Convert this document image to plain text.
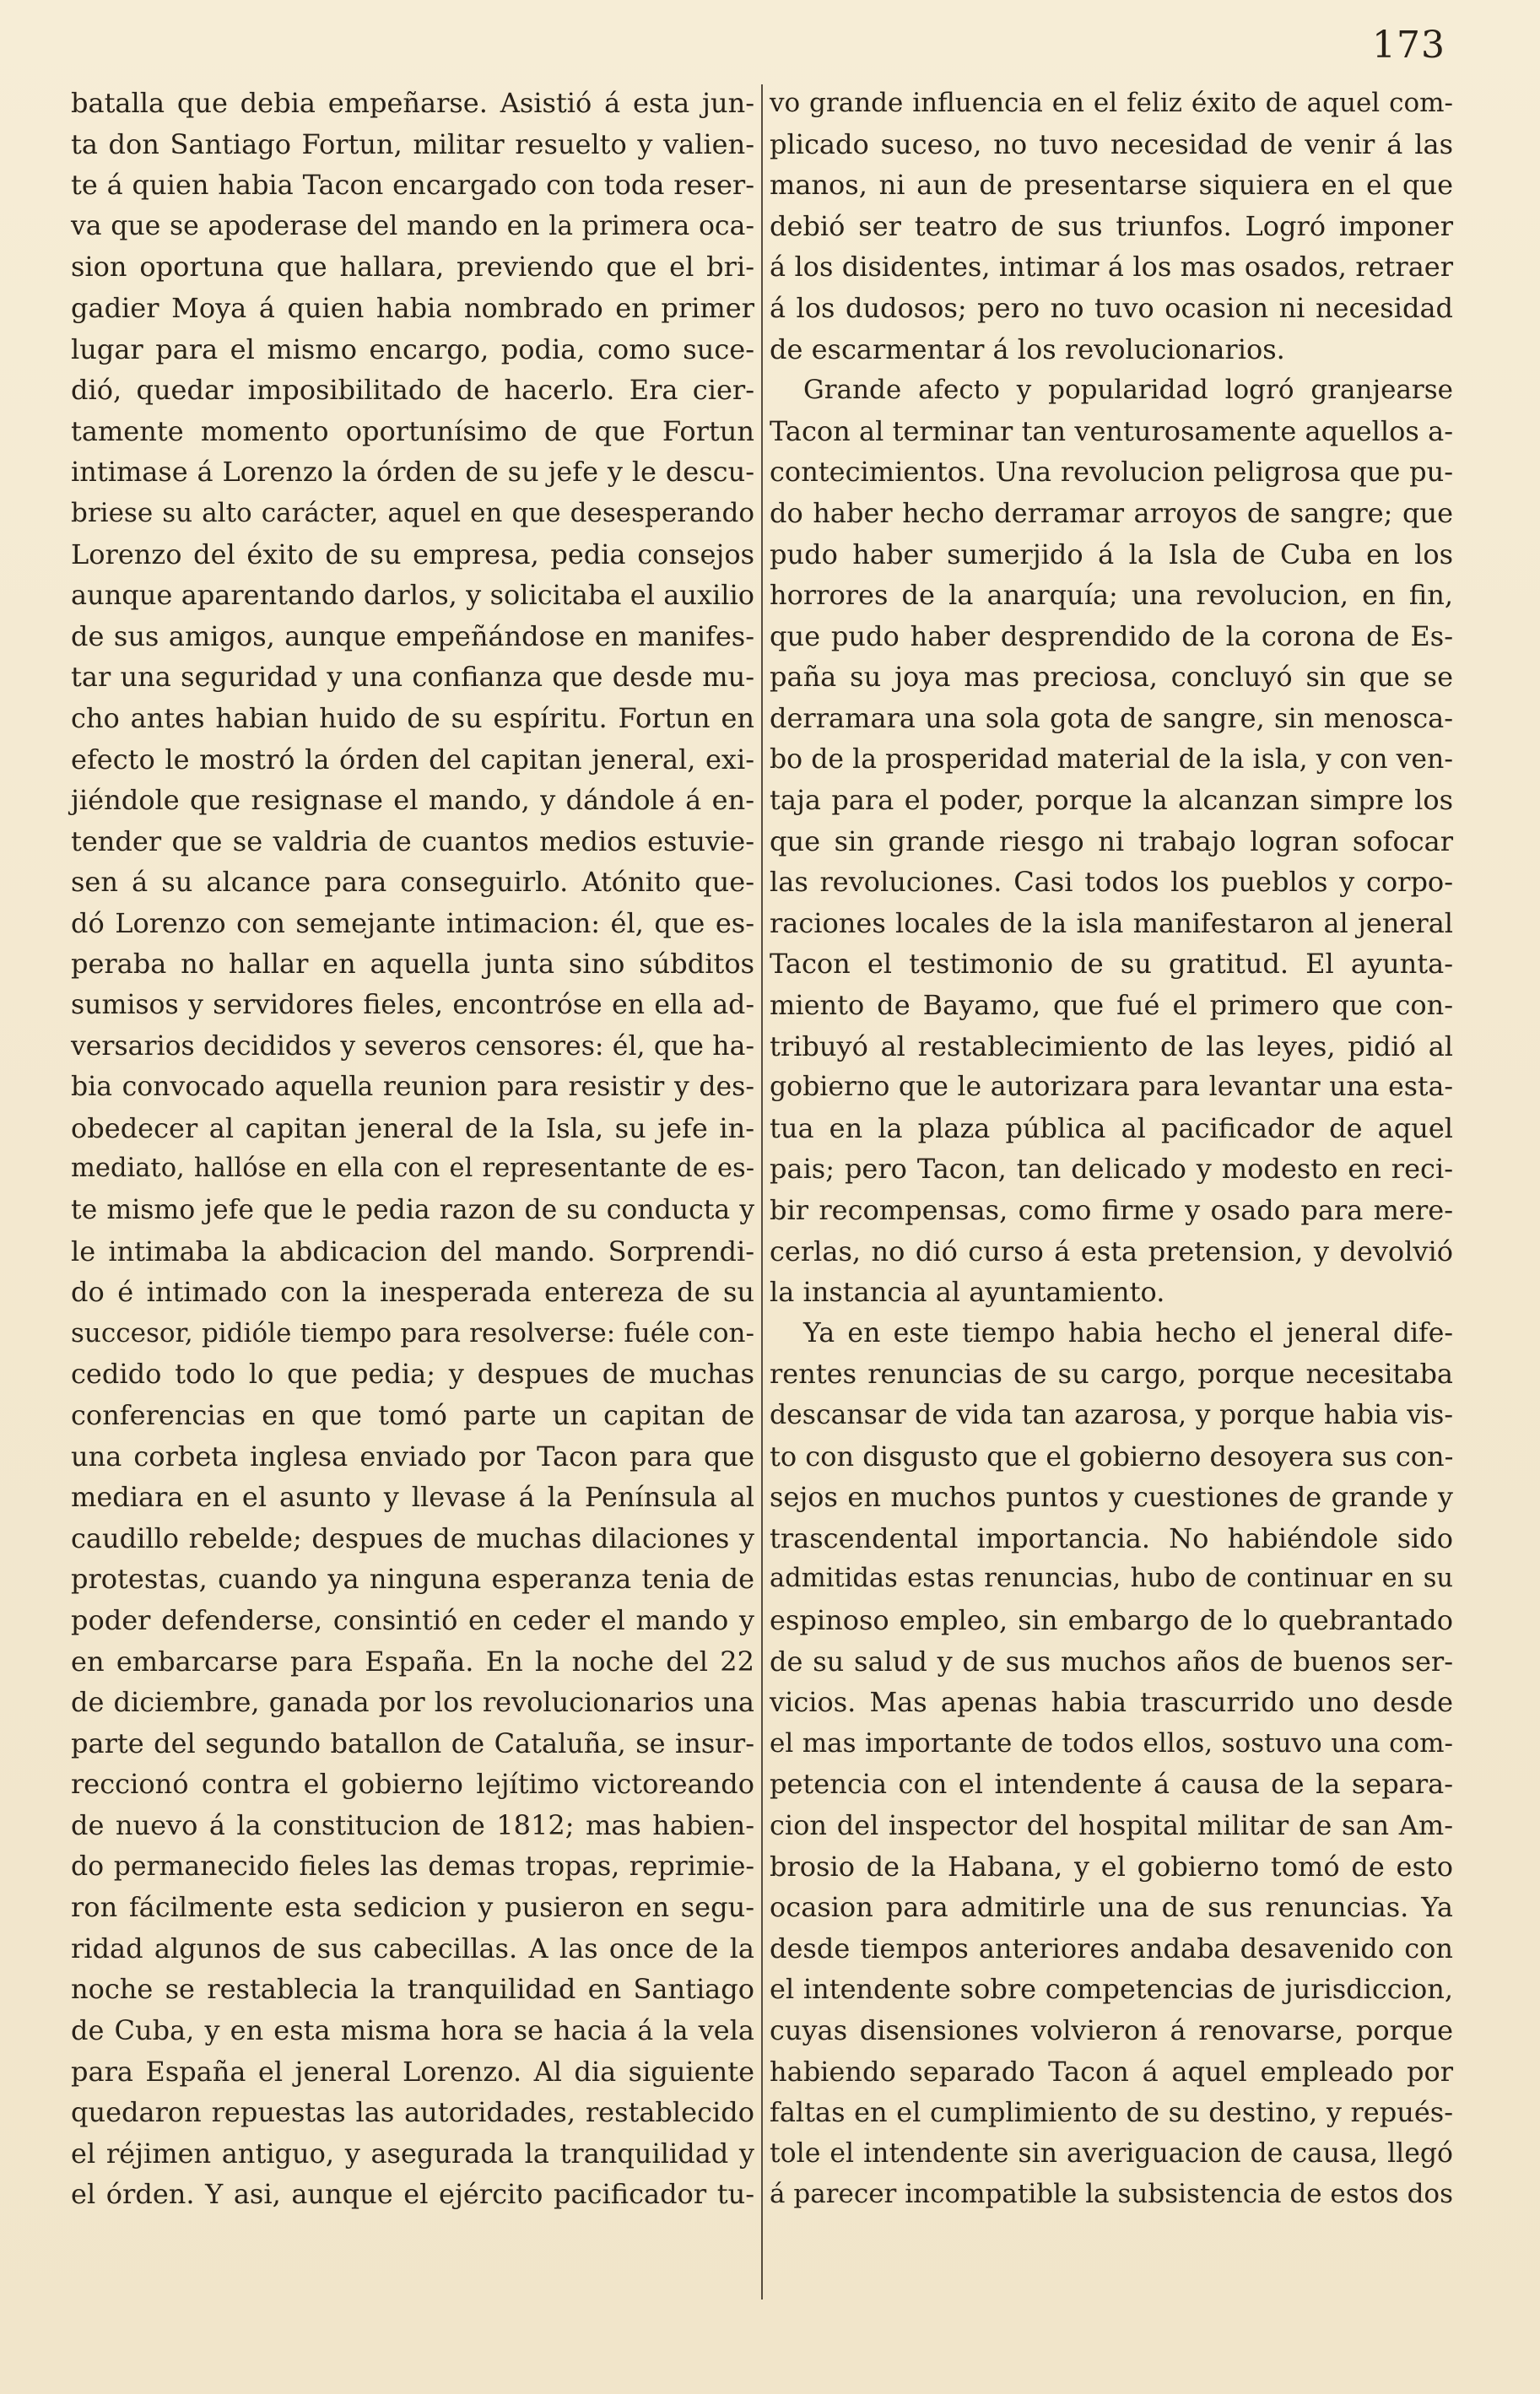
173
batalla que debia empeñarse. Asistió á esta jun-
ta don Santiago Fortun, militar resuelto y valien-
te á quien habia Tacon encargado con toda reser-
va que se apoderase del mando en la primera oca-
sion oportuna que hallara, previendo que el bri-
gadier Moya á quien habia nombrado en primer
lugar para el mismo encargo, podia, como suce-
dió, quedar imposibilitado de hacerlo. Era cier-
tamente momento oportunísimo de que Fortun
intimase á Lorenzo la órden de su jefe y le descu-
briese su alto carácter, aquel en que desesperando
Lorenzo del éxito de su empresa, pedia consejos
aunque aparentando darlos, y solicitaba el auxilio
de sus amigos, aunque empeñándose en manifes-
tar una seguridad y una confianza que desde mu-
cho antes habian huido de su espíritu. Fortun en
efecto le mostró la órden del capitan jeneral, exi-
jiéndole que resignase el mando, y dándole á en-
tender que se valdria de cuantos medios estuvie-
sen á su alcance para conseguirlo. Atónito que-
dó Lorenzo con semejante intimacion: él, que es-
peraba no hallar en aquella junta sino súbditos
sumisos y servidores fieles, encontróse en ella ad-
versarios decididos y severos censores: él, que ha-
bia convocado aquella reunion para resistir y des-
obedecer al capitan jeneral de la Isla, su jefe in-
mediato, hallóse en ella con el representante de es-
te mismo jefe que le pedia razon de su conducta y
le intimaba la abdicacion del mando. Sorprendi-
do é intimado con la inesperada entereza de su
succesor, pidióle tiempo para resolverse: fuéle con-
cedido todo lo que pedia; y despues de muchas
conferencias en que tomó parte un capitan de
una corbeta inglesa enviado por Tacon para que
mediara en el asunto y llevase á la Península al
caudillo rebelde; despues de muchas dilaciones y
protestas, cuando ya ninguna esperanza tenia de
poder defenderse, consintió en ceder el mando y
en embarcarse para España. En la noche del 22
de diciembre, ganada por los revolucionarios una
parte del segundo batallon de Cataluña, se insur-
reccionó contra el gobierno lejítimo victoreando
de nuevo á la constitucion de 1812; mas habien-
do permanecido fieles las demas tropas, reprimie-
ron fácilmente esta sedicion y pusieron en segu-
ridad algunos de sus cabecillas. A las once de la
noche se restablecia la tranquilidad en Santiago
de Cuba, y en esta misma hora se hacia á la vela
para España el jeneral Lorenzo. Al dia siguiente
quedaron repuestas las autoridades, restablecido
el réjimen antiguo, y asegurada la tranquilidad y
el órden. Y asi, aunque el ejército pacificador tu-
vo grande influencia en el feliz éxito de aquel com-
plicado suceso, no tuvo necesidad de venir á las
manos, ni aun de presentarse siquiera en el que
debió ser teatro de sus triunfos. Logró imponer
á los disidentes, intimar á los mas osados, retraer
á los dudosos; pero no tuvo ocasion ni necesidad
de escarmentar á los revolucionarios.
Grande afecto y popularidad logró granjearse
Tacon al terminar tan venturosamente aquellos a-
contecimientos. Una revolucion peligrosa que pu-
do haber hecho derramar arroyos de sangre; que
pudo haber sumerjido á la Isla de Cuba en los
horrores de la anarquía; una revolucion, en fin,
que pudo haber desprendido de la corona de Es-
paña su joya mas preciosa, concluyó sin que se
derramara una sola gota de sangre, sin menosca-
bo de la prosperidad material de la isla, y con ven-
taja para el poder, porque la alcanzan simpre los
que sin grande riesgo ni trabajo logran sofocar
las revoluciones. Casi todos los pueblos y corpo-
raciones locales de la isla manifestaron al jeneral
Tacon el testimonio de su gratitud. El ayunta-
miento de Bayamo, que fué el primero que con-
tribuyó al restablecimiento de las leyes, pidió al
gobierno que le autorizara para levantar una esta-
tua en la plaza pública al pacificador de aquel
pais; pero Tacon, tan delicado y modesto en reci-
bir recompensas, como firme y osado para mere-
cerlas, no dió curso á esta pretension, y devolvió
la instancia al ayuntamiento.
Ya en este tiempo habia hecho el jeneral dife-
rentes renuncias de su cargo, porque necesitaba
descansar de vida tan azarosa, y porque habia vis-
to con disgusto que el gobierno desoyera sus con-
sejos en muchos puntos y cuestiones de grande y
trascendental importancia. No habiéndole sido
admitidas estas renuncias, hubo de continuar en su
espinoso empleo, sin embargo de lo quebrantado
de su salud y de sus muchos años de buenos ser-
vicios. Mas apenas habia trascurrido uno desde
el mas importante de todos ellos, sostuvo una com-
petencia con el intendente á causa de la separa-
cion del inspector del hospital militar de san Am-
brosio de la Habana, y el gobierno tomó de esto
ocasion para admitirle una de sus renuncias. Ya
desde tiempos anteriores andaba desavenido con
el intendente sobre competencias de jurisdiccion,
cuyas disensiones volvieron á renovarse, porque
habiendo separado Tacon á aquel empleado por
faltas en el cumplimiento de su destino, y repués-
tole el intendente sin averiguacion de causa, llegó
á parecer incompatible la subsistencia de estos dos
